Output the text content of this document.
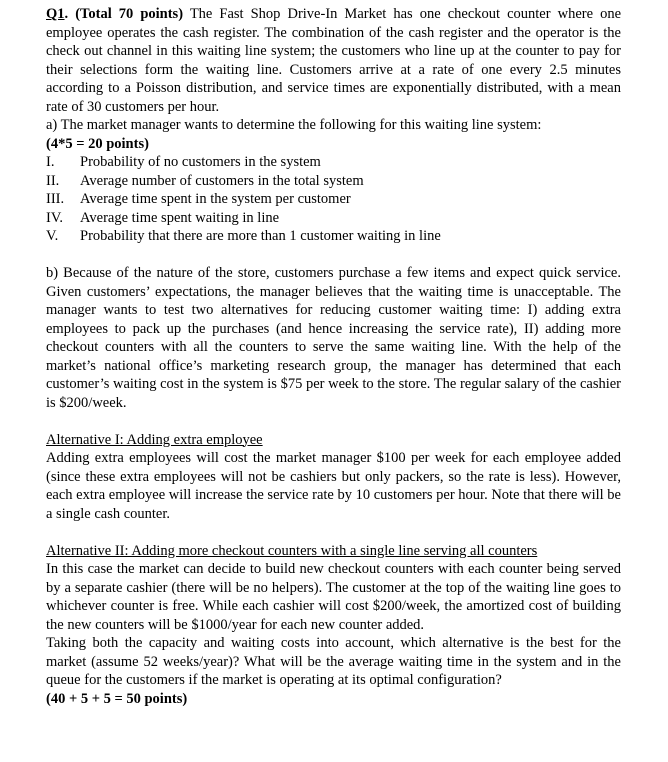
Q1. (Total 70 points) The Fast Shop Drive-In Market has one checkout counter where one employee operates the cash register. The combination of the cash register and the operator is the check out channel in this waiting line system; the customers who line up at the counter to pay for their selections form the waiting line. Customers arrive at a rate of one every 2.5 minutes according to a Poisson distribution, and service times are exponentially distributed, with a mean rate of 30 customers per hour.

a) The market manager wants to determine the following for this waiting line system:
(4*5 = 20 points)

I.	Probability of no customers in the system
II.	Average number of customers in the total system
III.	Average time spent in the system per customer
IV.	Average time spent waiting in line
V.	Probability that there are more than 1 customer waiting in line

b) Because of the nature of the store, customers purchase a few items and expect quick service. Given customers’ expectations, the manager believes that the waiting time is unacceptable. The manager wants to test two alternatives for reducing customer waiting time: I) adding extra employees to pack up the purchases (and hence increasing the service rate), II) adding more checkout counters with all the counters to serve the same waiting line. With the help of the market’s national office’s marketing research group, the manager has determined that each customer’s waiting cost in the system is $75 per week to the store. The regular salary of the cashier is $200/week.

Alternative I: Adding extra employee

Adding extra employees will cost the market manager $100 per week for each employee added (since these extra employees will not be cashiers but only packers, so the rate is less). However, each extra employee will increase the service rate by 10 customers per hour. Note that there will be a single cash counter.

Alternative II: Adding more checkout counters with a single line serving all counters

In this case the market can decide to build new checkout counters with each counter being served by a separate cashier (there will be no helpers). The customer at the top of the waiting line goes to whichever counter is free. While each cashier will cost $200/week, the amortized cost of building the new counters will be $1000/year for each new counter added.

Taking both the capacity and waiting costs into account, which alternative is the best for the market (assume 52 weeks/year)? What will be the average waiting time in the system and in the queue for the customers if the market is operating at its optimal configuration?
(40 + 5 + 5 = 50 points)
